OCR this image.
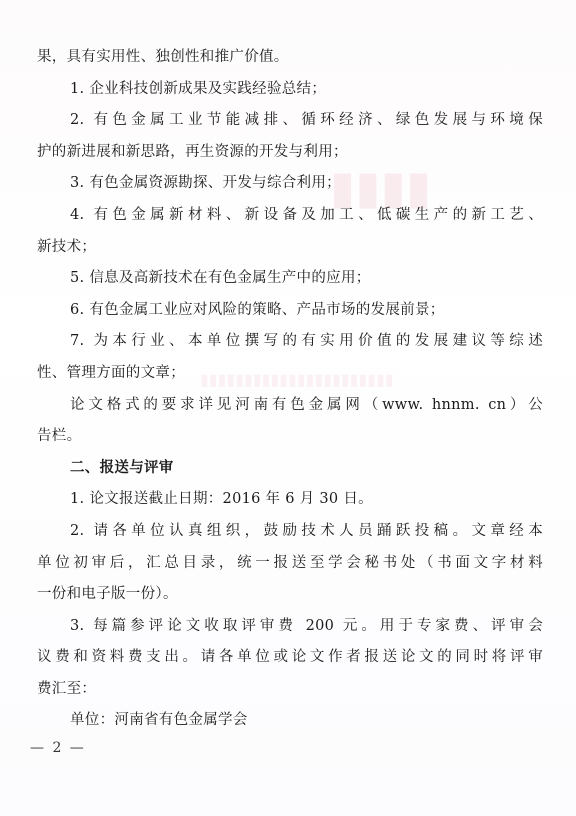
▮▮▮▮
▮▮▮▮▮▮▮▮▮▮▮▮▮▮▮▮▮▮▮▮▮▮
果，具有实用性、独创性和推广价值。
1. 企业科技创新成果及实践经验总结；
2. 有色金属工业节能减排、循环经济、绿色发展与环境保
护的新进展和新思路，再生资源的开发与利用；
3. 有色金属资源勘探、开发与综合利用；
4. 有色金属新材料、新设备及加工、低碳生产的新工艺、
新技术；
5. 信息及高新技术在有色金属生产中的应用；
6. 有色金属工业应对风险的策略、产品市场的发展前景；
7. 为本行业、本单位撰写的有实用价值的发展建议等综述
性、管理方面的文章；
论文格式的要求详见河南有色金属网（www. hnnm. cn）公
告栏。
二、报送与评审
1. 论文报送截止日期：2016 年 6 月 30 日。
2. 请各单位认真组织，鼓励技术人员踊跃投稿。文章经本
单位初审后，汇总目录，统一报送至学会秘书处（书面文字材料
一份和电子版一份）。
3. 每篇参评论文收取评审费 200 元。用于专家费、评审会
议费和资料费支出。请各单位或论文作者报送论文的同时将评审
费汇至：
单位：河南省有色金属学会
— 2 —
